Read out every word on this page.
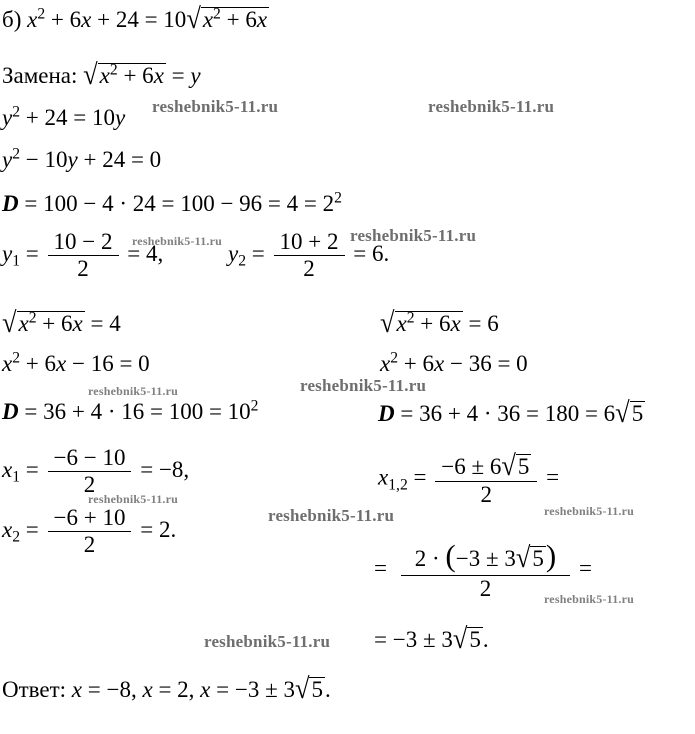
б) $x^2 + 6x + 24 = 10√x^2 + 6x$
Замена: $√x^2 + 6x = y$
$y^2 + 24 = 10y$ reshebnik5-11.ru	reshebnik5-11.ru
$y^2 - 10y + 24 = 0$
$D = 100 - 4 \cdot 24 = 100 - 96 = 4 = 2^2$
$y_1 = \frac{10 - 2}{2} = 4$,
reshebnik5-11.ru $y_2 = \frac{10 + 2}{2} = 6$.
reshebnik5-11.ru
$√x^2 + 6x = 4$	$√x^2 + 6x = 6$
$x^2 + 6x - 16 = 0$	$x^2 + 6x - 36 = 0$
reshebnik5-11.ru	reshebnik5-11.ru
$D = 36 + 4 \cdot 16 = 100 = 10^2$	D = 36 + 4 · 36 = 180 = 6√5
$x_1 = \frac{-6 - 10}{2} = -8$,	$x_{1,2} = \frac{-6 \pm 6√5}{2}$ =
reshebnik5-11.ru
$x_2 = \frac{-6 + 10}{2} = 2$.
reshebnik5-11.ru	reshebnik5-11.ru
= $\frac{2 \cdot (-3 \pm 3√5)}{2}$ =
reshebnik5-11.ru
reshebnik5-11.ru = −3 ± 3√5.
Ответ: x = −8, x = 2, x = −3 ± 3√5.
